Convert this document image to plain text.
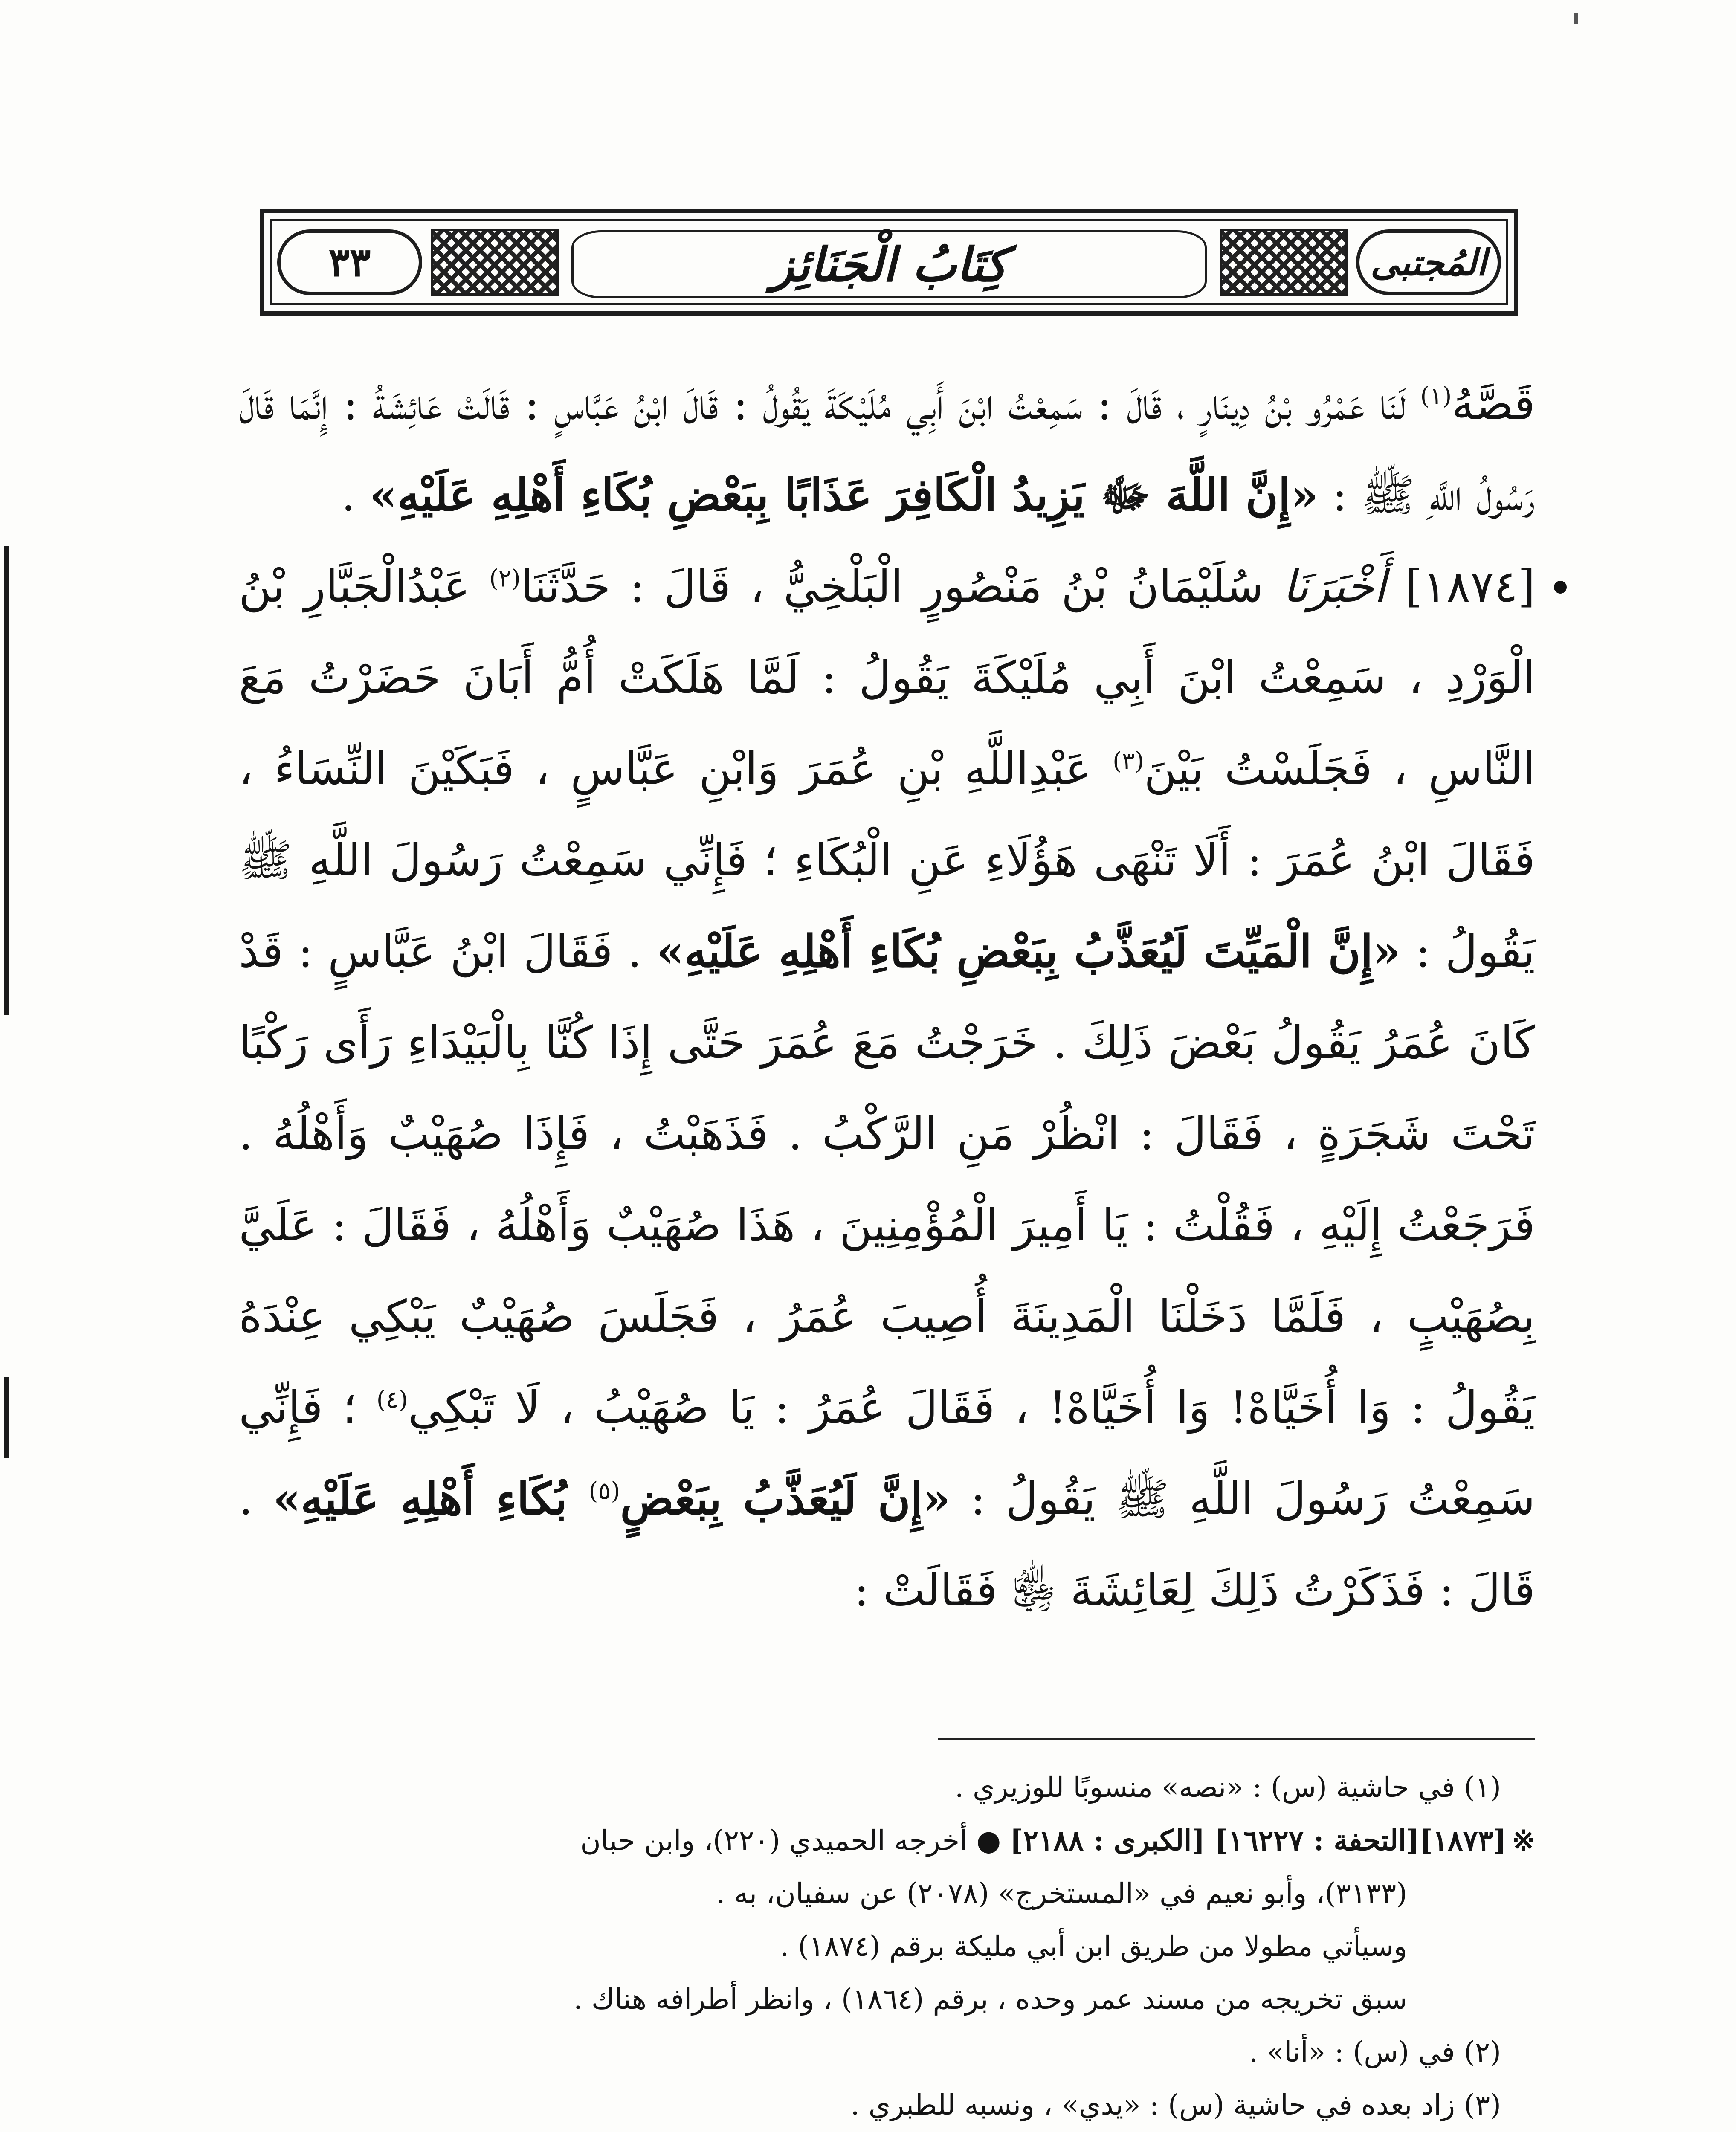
٣٣	كِتَابُ الْجَنَائِز	المُجتبى

قَصَّهُ$^{(١)}$ لَنَا عَمْرُو بْنُ دِينَارٍ ، قَالَ : سَمِعْتُ ابْنَ أَبِي مُلَيْكَةَ يَقُولُ : قَالَ ابْنُ عَبَّاسٍ : قَالَتْ عَائِشَةُ : إِنَّمَا قَالَ رَسُولُ اللَّهِ ﷺ : «إِنَّ اللَّهَ ﷻ يَزِيدُ الْكَافِرَ عَذَابًا بِبَعْضِ بُكَاءِ أَهْلِهِ عَلَيْهِ» .

[١٨٧٤] أَخْبَرَنَا سُلَيْمَانُ بْنُ مَنْصُورٍ الْبَلْخِيُّ ، قَالَ : حَدَّثَنَا$^{(٢)}$ عَبْدُالْجَبَّارِ بْنُ الْوَرْدِ ، سَمِعْتُ ابْنَ أَبِي مُلَيْكَةَ يَقُولُ : لَمَّا هَلَكَتْ أُمُّ أَبَانَ حَضَرْتُ مَعَ النَّاسِ ، فَجَلَسْتُ بَيْنَ$^{(٣)}$ عَبْدِاللَّهِ بْنِ عُمَرَ وَابْنِ عَبَّاسٍ ، فَبَكَيْنَ النِّسَاءُ ، فَقَالَ ابْنُ عُمَرَ : أَلَا تَنْهَى هَؤُلَاءِ عَنِ الْبُكَاءِ ؛ فَإِنِّي سَمِعْتُ رَسُولَ اللَّهِ ﷺ يَقُولُ : «إِنَّ الْمَيِّتَ لَيُعَذَّبُ بِبَعْضِ بُكَاءِ أَهْلِهِ عَلَيْهِ» . فَقَالَ ابْنُ عَبَّاسٍ : قَدْ كَانَ عُمَرُ يَقُولُ بَعْضَ ذَلِكَ . خَرَجْتُ مَعَ عُمَرَ حَتَّى إِذَا كُنَّا بِالْبَيْدَاءِ رَأَى رَكْبًا تَحْتَ شَجَرَةٍ ، فَقَالَ : انْظُرْ مَنِ الرَّكْبُ . فَذَهَبْتُ ، فَإِذَا صُهَيْبٌ وَأَهْلُهُ . فَرَجَعْتُ إِلَيْهِ ، فَقُلْتُ : يَا أَمِيرَ الْمُؤْمِنِينَ ، هَذَا صُهَيْبٌ وَأَهْلُهُ ، فَقَالَ : عَلَيَّ بِصُهَيْبٍ ، فَلَمَّا دَخَلْنَا الْمَدِينَةَ أُصِيبَ عُمَرُ ، فَجَلَسَ صُهَيْبٌ يَبْكِي عِنْدَهُ يَقُولُ : وَا أُخَيَّاهْ! وَا أُخَيَّاهْ! ، فَقَالَ عُمَرُ : يَا صُهَيْبُ ، لَا تَبْكِي$^{(٤)}$ ؛ فَإِنِّي سَمِعْتُ رَسُولَ اللَّهِ ﷺ يَقُولُ : «إِنَّ لَيُعَذَّبُ بِبَعْضٍ$^{(٥)}$ بُكَاءِ أَهْلِهِ عَلَيْهِ» . قَالَ : فَذَكَرْتُ ذَلِكَ لِعَائِشَةَ ﵂ فَقَالَتْ :

(١) في حاشية (س) : «نصه» منسوبًا للوزيري .

※[١٨٧٣][التحفة : ١٦٢٢٧] [الكبرى : ٢١٨٨] ● أخرجه الحميدي (٢٢٠)، وابن حبان

(٣١٣٣)، وأبو نعيم في «المستخرج» (٢٠٧٨) عن سفيان، به .

وسيأتي مطولا من طريق ابن أبي مليكة برقم (١٨٧٤) .

سبق تخريجه من مسند عمر وحده ، برقم (١٨٦٤) ، وانظر أطرافه هناك .

(٢) في (س) : «أنا» .

(٣) زاد بعده في حاشية (س) : «يدي» ، ونسبه للطبري .
